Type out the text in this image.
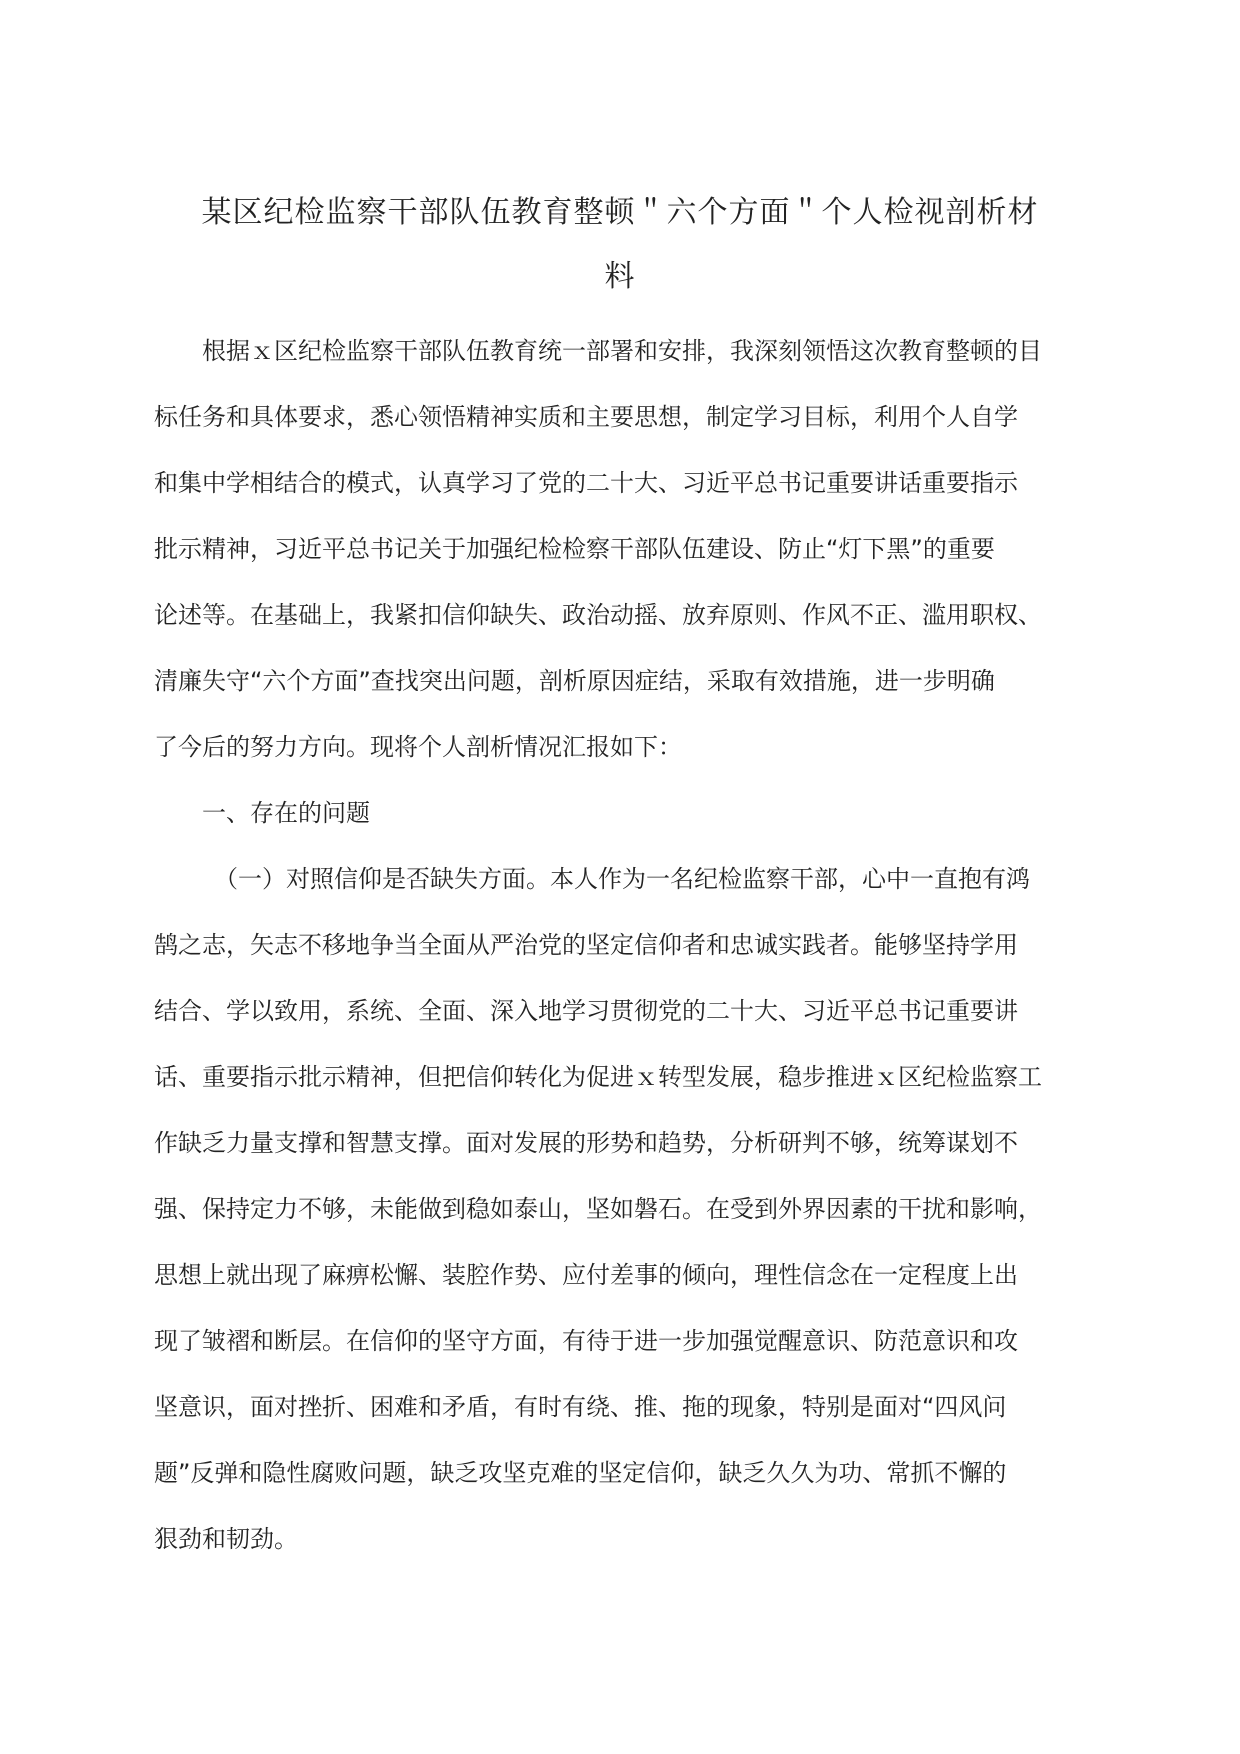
某区纪检监察干部队伍教育整顿＂六个方面＂个人检视剖析材
料
根据ｘ区纪检监察干部队伍教育统一部署和安排，我深刻领悟这次教育整顿的目
标任务和具体要求，悉心领悟精神实质和主要思想，制定学习目标，利用个人自学
和集中学相结合的模式，认真学习了党的二十大、习近平总书记重要讲话重要指示
批示精神，习近平总书记关于加强纪检检察干部队伍建设、防止“灯下黑”的重要
论述等。在基础上，我紧扣信仰缺失、政治动摇、放弃原则、作风不正、滥用职权、
清廉失守“六个方面”查找突出问题，剖析原因症结，采取有效措施，进一步明确
了今后的努力方向。现将个人剖析情况汇报如下：
一、存在的问题
（一）对照信仰是否缺失方面。本人作为一名纪检监察干部，心中一直抱有鸿
鹄之志，矢志不移地争当全面从严治党的坚定信仰者和忠诚实践者。能够坚持学用
结合、学以致用，系统、全面、深入地学习贯彻党的二十大、习近平总书记重要讲
话、重要指示批示精神，但把信仰转化为促进ｘ转型发展，稳步推进ｘ区纪检监察工
作缺乏力量支撑和智慧支撑。面对发展的形势和趋势，分析研判不够，统筹谋划不
强、保持定力不够，未能做到稳如泰山，坚如磐石。在受到外界因素的干扰和影响，
思想上就出现了麻痹松懈、装腔作势、应付差事的倾向，理性信念在一定程度上出
现了皱褶和断层。在信仰的坚守方面，有待于进一步加强觉醒意识、防范意识和攻
坚意识，面对挫折、困难和矛盾，有时有绕、推、拖的现象，特别是面对“四风问
题”反弹和隐性腐败问题，缺乏攻坚克难的坚定信仰，缺乏久久为功、常抓不懈的
狠劲和韧劲。
